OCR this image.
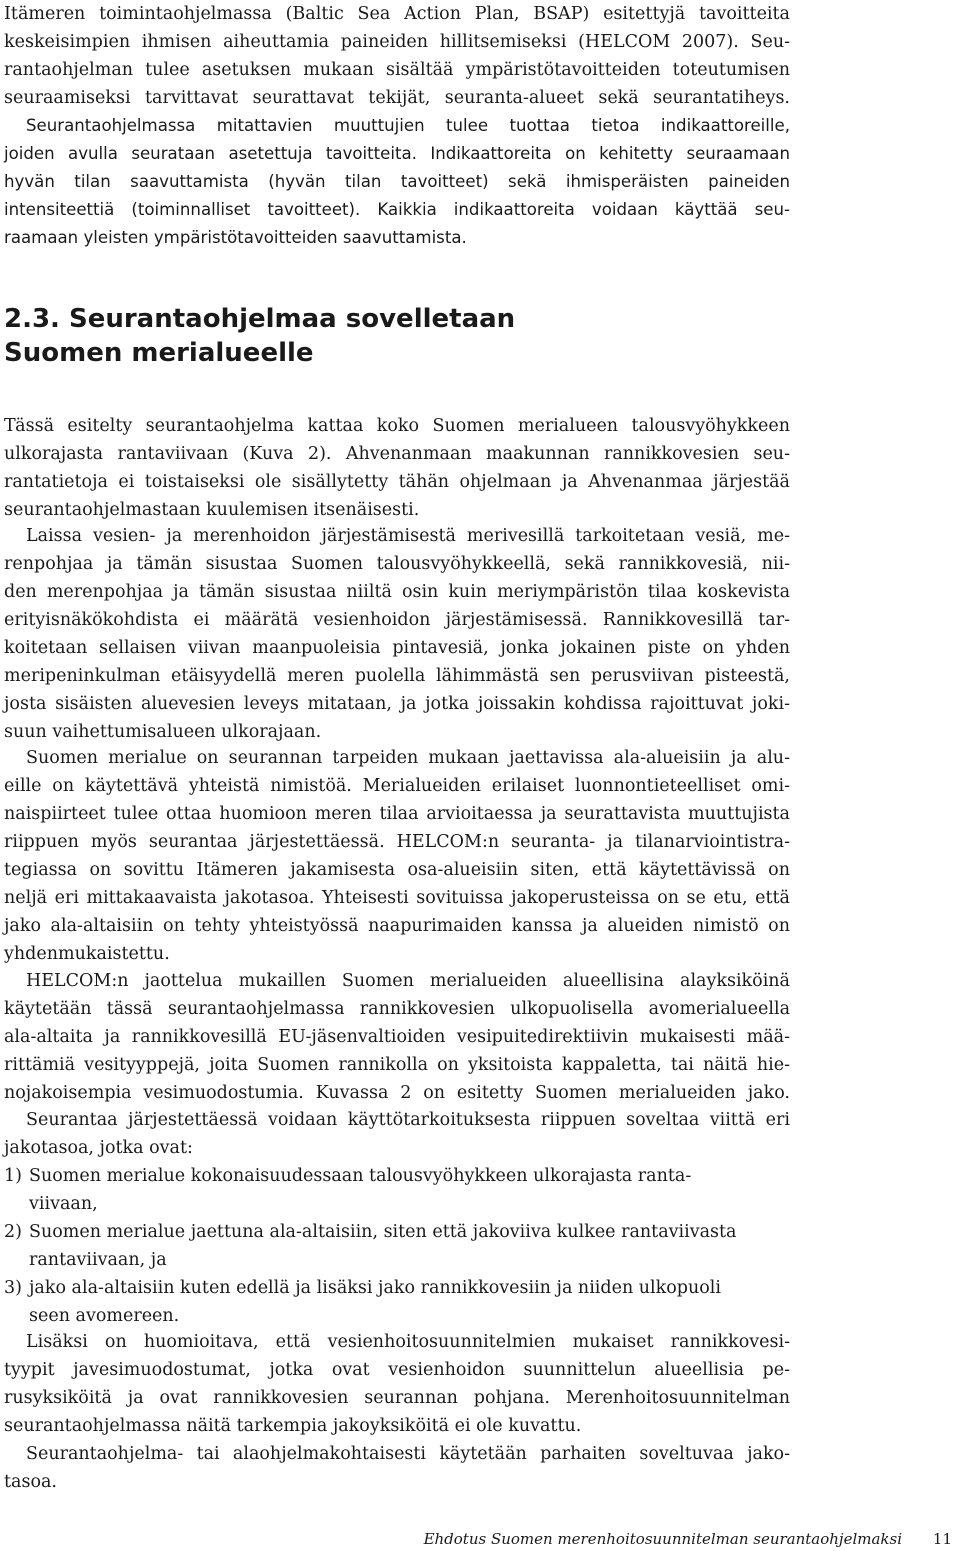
Itämeren toimintaohjelmassa (Baltic Sea Action Plan, BSAP) esitettyjä tavoitteita
keskeisimpien ihmisen aiheuttamia paineiden hillitsemiseksi (HELCOM 2007). Seu-
rantaohjelman tulee asetuksen mukaan sisältää ympäristötavoitteiden toteutumisen
seuraamiseksi tarvittavat seurattavat tekijät, seuranta-alueet sekä seurantatiheys.
Seurantaohjelmassa mitattavien muuttujien tulee tuottaa tietoa indikaattoreille,
joiden avulla seurataan asetettuja tavoitteita. Indikaattoreita on kehitetty seuraamaan
hyvän tilan saavuttamista (hyvän tilan tavoitteet) sekä ihmisperäisten paineiden
intensiteettiä (toiminnalliset tavoitteet). Kaikkia indikaattoreita voidaan käyttää seu-
raamaan yleisten ympäristötavoitteiden saavuttamista.
2.3. Seurantaohjelmaa sovelletaan
Suomen merialueelle
Tässä esitelty seurantaohjelma kattaa koko Suomen merialueen talousvyöhykkeen
ulkorajasta rantaviivaan (Kuva 2). Ahvenanmaan maakunnan rannikkovesien seu-
rantatietoja ei toistaiseksi ole sisällytetty tähän ohjelmaan ja Ahvenanmaa järjestää
seurantaohjelmastaan kuulemisen itsenäisesti.
Laissa vesien- ja merenhoidon järjestämisestä merivesillä tarkoitetaan vesiä, me-
renpohjaa ja tämän sisustaa Suomen talousvyöhykkeellä, sekä rannikkovesiä, nii-
den merenpohjaa ja tämän sisustaa niiltä osin kuin meriympäristön tilaa koskevista
erityisnäkökohdista ei määrätä vesienhoidon järjestämisessä. Rannikkovesillä tar-
koitetaan sellaisen viivan maanpuoleisia pintavesiä, jonka jokainen piste on yhden
meripeninkulman etäisyydellä meren puolella lähimmästä sen perusviivan pisteestä,
josta sisäisten aluevesien leveys mitataan, ja jotka joissakin kohdissa rajoittuvat joki-
suun vaihettumisalueen ulkorajaan.
Suomen merialue on seurannan tarpeiden mukaan jaettavissa ala-alueisiin ja alu-
eille on käytettävä yhteistä nimistöä. Merialueiden erilaiset luonnontieteelliset omi-
naispiirteet tulee ottaa huomioon meren tilaa arvioitaessa ja seurattavista muuttujista
riippuen myös seurantaa järjestettäessä. HELCOM:n seuranta- ja tilanarviointistra-
tegiassa on sovittu Itämeren jakamisesta osa-alueisiin siten, että käytettävissä on
neljä eri mittakaavaista jakotasoa. Yhteisesti sovituissa jakoperusteissa on se etu, että
jako ala-altaisiin on tehty yhteistyössä naapurimaiden kanssa ja alueiden nimistö on
yhdenmukaistettu.
HELCOM:n jaottelua mukaillen Suomen merialueiden alueellisina alayksiköinä
käytetään tässä seurantaohjelmassa rannikkovesien ulkopuolisella avomerialueella
ala-altaita ja rannikkovesillä EU-jäsenvaltioiden vesipuitedirektiivin mukaisesti mää-
rittämiä vesityyppejä, joita Suomen rannikolla on yksitoista kappaletta, tai näitä hie-
nojakoisempia vesimuodostumia. Kuvassa 2 on esitetty Suomen merialueiden jako.
Seurantaa järjestettäessä voidaan käyttötarkoituksesta riippuen soveltaa viittä eri
jakotasoa, jotka ovat:
1) Suomen merialue kokonaisuudessaan talousvyöhykkeen ulkorajasta ranta-
viivaan,
2) Suomen merialue jaettuna ala-altaisiin, siten että jakoviiva kulkee rantaviivasta
rantaviivaan, ja
3) jako ala-altaisiin kuten edellä ja lisäksi jako rannikkovesiin ja niiden ulkopuoli
seen avomereen.
Lisäksi on huomioitava, että vesienhoitosuunnitelmien mukaiset rannikkovesi-
tyypit javesimuodostumat, jotka ovat vesienhoidon suunnittelun alueellisia pe-
rusyksiköitä ja ovat rannikkovesien seurannan pohjana. Merenhoitosuunnitelman
seurantaohjelmassa näitä tarkempia jakoyksiköitä ei ole kuvattu.
Seurantaohjelma- tai alaohjelmakohtaisesti käytetään parhaiten soveltuvaa jako-
tasoa.
Ehdotus Suomen merenhoitosuunnitelman seurantaohjelmaksi 11
